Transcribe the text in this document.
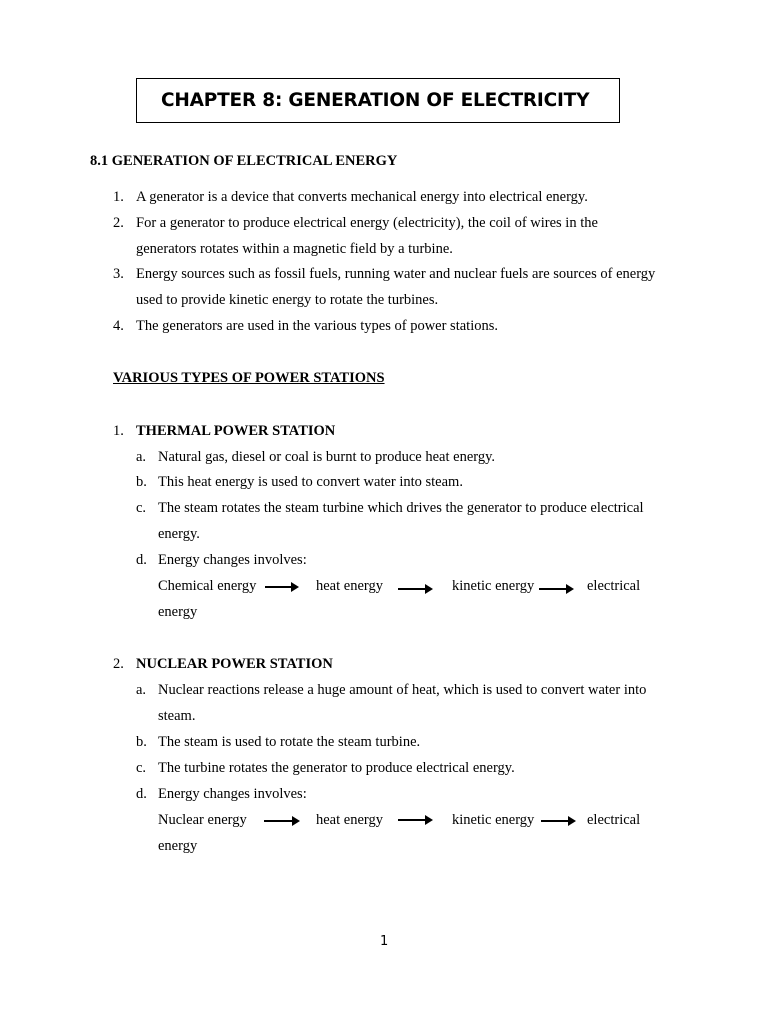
CHAPTER 8: GENERATION OF ELECTRICITY
8.1 GENERATION OF ELECTRICAL ENERGY
1. A generator is a device that converts mechanical energy into electrical energy.
2. For a generator to produce electrical energy (electricity), the coil of wires in the
generators rotates within a magnetic field by a turbine.
3. Energy sources such as fossil fuels, running water and nuclear fuels are sources of energy
used to provide kinetic energy to rotate the turbines.
4. The generators are used in the various types of power stations.
VARIOUS TYPES OF POWER STATIONS
1. THERMAL POWER STATION
a. Natural gas, diesel or coal is burnt to produce heat energy.
b. This heat energy is used to convert water into steam.
c. The steam rotates the steam turbine which drives the generator to produce electrical
energy.
d. Energy changes involves:
Chemical energy	heat energy	kinetic energy	electrical
energy
2. NUCLEAR POWER STATION
a. Nuclear reactions release a huge amount of heat, which is used to convert water into
steam.
b. The steam is used to rotate the steam turbine.
c. The turbine rotates the generator to produce electrical energy.
d. Energy changes involves:
Nuclear energy	heat energy	kinetic energy	electrical
energy
1
